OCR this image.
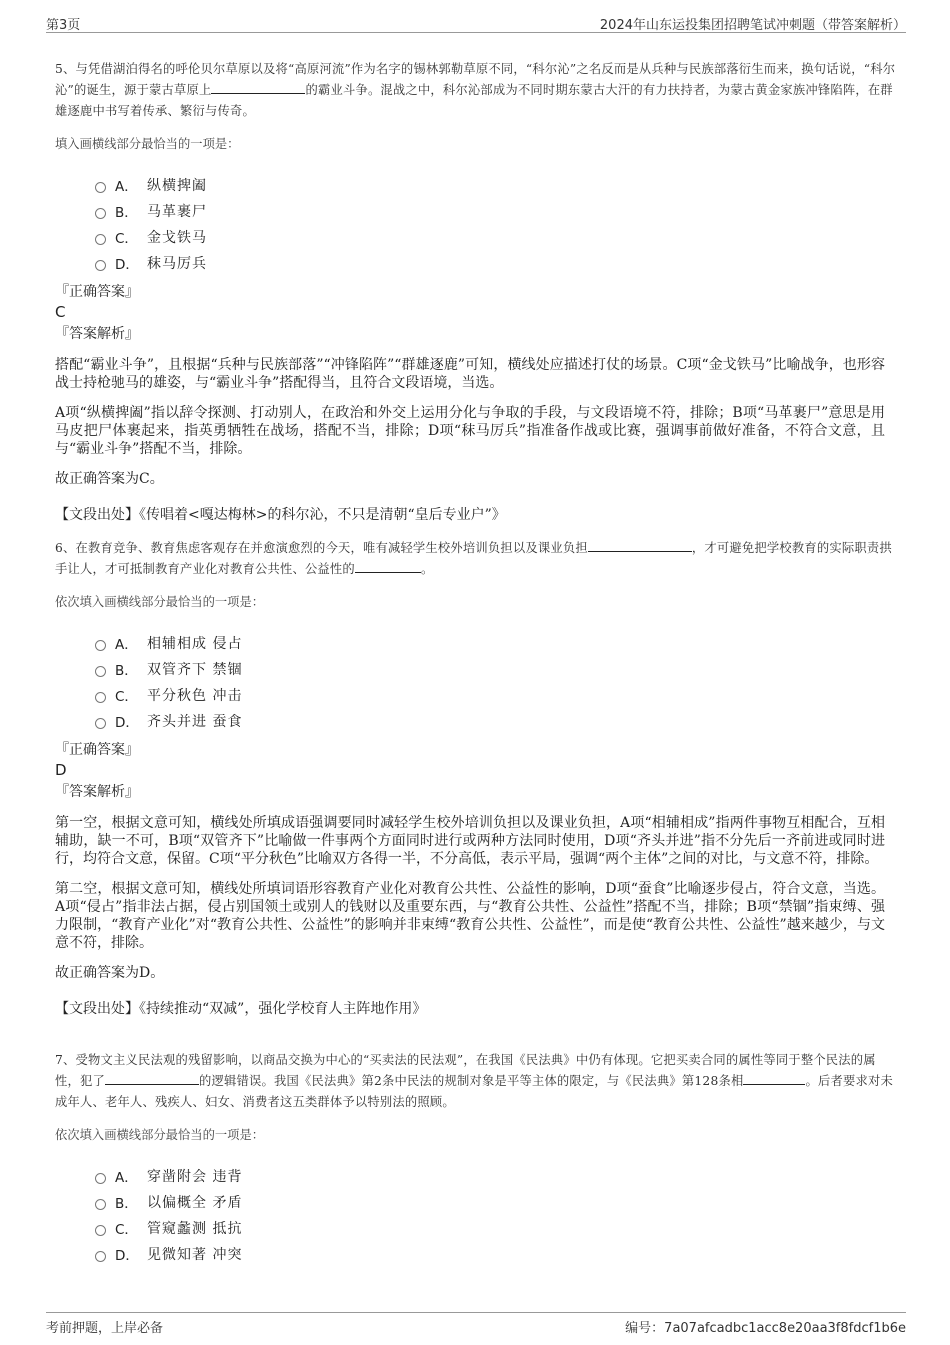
第3页	2024年山东运投集团招聘笔试冲刺题（带答案解析）
5、与凭借湖泊得名的呼伦贝尔草原以及将“高原河流”作为名字的锡林郭勒草原不同，“科尔沁”之名反而是从兵种与民族部落衍生而来，换句话说，“科尔沁”的诞生，源于蒙古草原上	的霸业斗争。混战之中，科尔沁部成为不同时期东蒙古大汗的有力扶持者，为蒙古黄金家族冲锋陷阵，在群雄逐鹿中书写着传承、繁衍与传奇。
填入画横线部分最恰当的一项是：
A． 纵横捭阖
B． 马革裹尸
C． 金戈铁马
D． 秣马厉兵
『正确答案』
C
『答案解析』
搭配“霸业斗争”，且根据“兵种与民族部落”“冲锋陷阵”“群雄逐鹿”可知，横线处应描述打仗的场景。C项“金戈铁马”比喻战争，也形容战士持枪驰马的雄姿，与“霸业斗争”搭配得当，且符合文段语境，当选。
A项“纵横捭阖”指以辞令探测、打动别人，在政治和外交上运用分化与争取的手段，与文段语境不符，排除；B项“马革裹尸”意思是用马皮把尸体裹起来，指英勇牺牲在战场，搭配不当，排除；D项“秣马厉兵”指准备作战或比赛，强调事前做好准备，不符合文意，且与“霸业斗争”搭配不当，排除。
故正确答案为C。
【文段出处】《传唱着<嘎达梅林>的科尔沁，不只是清朝“皇后专业户”》
6、在教育竞争、教育焦虑客观存在并愈演愈烈的今天，唯有减轻学生校外培训负担以及课业负担	，才可避免把学校教育的实际职责拱手让人，才可抵制教育产业化对教育公共性、公益性的	。
依次填入画横线部分最恰当的一项是：
A． 相辅相成 侵占
B． 双管齐下 禁锢
C． 平分秋色 冲击
D． 齐头并进 蚕食
『正确答案』
D
『答案解析』
第一空，根据文意可知，横线处所填成语强调要同时减轻学生校外培训负担以及课业负担，A项“相辅相成”指两件事物互相配合，互相辅助，缺一不可，B项“双管齐下”比喻做一件事两个方面同时进行或两种方法同时使用，D项“齐头并进”指不分先后一齐前进或同时进行，均符合文意，保留。C项“平分秋色”比喻双方各得一半，不分高低，表示平局，强调“两个主体”之间的对比，与文意不符，排除。
第二空，根据文意可知，横线处所填词语形容教育产业化对教育公共性、公益性的影响，D项“蚕食”比喻逐步侵占，符合文意，当选。A项“侵占”指非法占据，侵占别国领土或别人的钱财以及重要东西，与“教育公共性、公益性”搭配不当，排除；B项“禁锢”指束缚、强力限制，“教育产业化”对“教育公共性、公益性”的影响并非束缚“教育公共性、公益性”，而是使“教育公共性、公益性”越来越少，与文意不符，排除。
故正确答案为D。
【文段出处】《持续推动“双减”，强化学校育人主阵地作用》
7、受物文主义民法观的残留影响，以商品交换为中心的“买卖法的民法观”，在我国《民法典》中仍有体现。它把买卖合同的属性等同于整个民法的属性，犯了	的逻辑错误。我国《民法典》第2条中民法的规制对象是平等主体的限定，与《民法典》第128条相	。后者要求对未成年人、老年人、残疾人、妇女、消费者这五类群体予以特别法的照顾。
依次填入画横线部分最恰当的一项是：
A． 穿凿附会 违背
B． 以偏概全 矛盾
C． 管窥蠡测 抵抗
D． 见微知著 冲突
考前押题，上岸必备	编号：7a07afcadbc1acc8e20aa3f8fdcf1b6e
